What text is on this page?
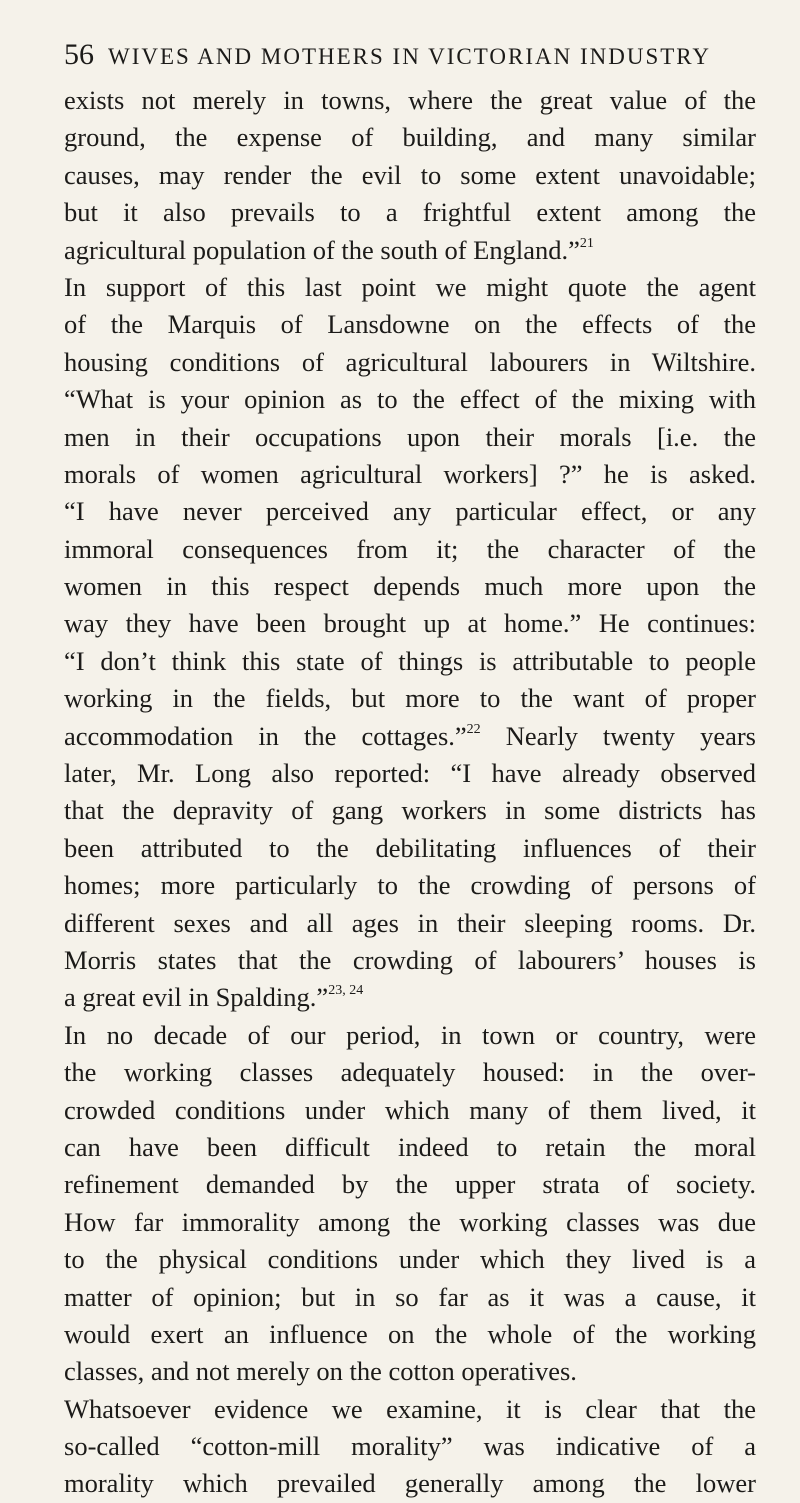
56 WIVES AND MOTHERS IN VICTORIAN INDUSTRY
exists not merely in towns, where the great value of the
ground, the expense of building, and many similar
causes, may render the evil to some extent unavoidable;
but it also prevails to a frightful extent among the
agricultural population of the south of England.”$^{21}$
In support of this last point we might quote the agent
of the Marquis of Lansdowne on the effects of the
housing conditions of agricultural labourers in Wiltshire.
“What is your opinion as to the effect of the mixing with
men in their occupations upon their morals [i.e. the
morals of women agricultural workers] ?” he is asked.
“I have never perceived any particular effect, or any
immoral consequences from it; the character of the
women in this respect depends much more upon the
way they have been brought up at home.” He continues:
“I don’t think this state of things is attributable to people
working in the fields, but more to the want of proper
accommodation in the cottages.”$^{22}$ Nearly twenty years
later, Mr. Long also reported: “I have already observed
that the depravity of gang workers in some districts has
been attributed to the debilitating influences of their
homes; more particularly to the crowding of persons of
different sexes and all ages in their sleeping rooms. Dr.
Morris states that the crowding of labourers’ houses is
a great evil in Spalding.”$^{23, 24}$
In no decade of our period, in town or country, were
the working classes adequately housed: in the over-
crowded conditions under which many of them lived, it
can have been difficult indeed to retain the moral
refinement demanded by the upper strata of society.
How far immorality among the working classes was due
to the physical conditions under which they lived is a
matter of opinion; but in so far as it was a cause, it
would exert an influence on the whole of the working
classes, and not merely on the cotton operatives.
Whatsoever evidence we examine, it is clear that the
so-called “cotton-mill morality” was indicative of a
morality which prevailed generally among the lower
